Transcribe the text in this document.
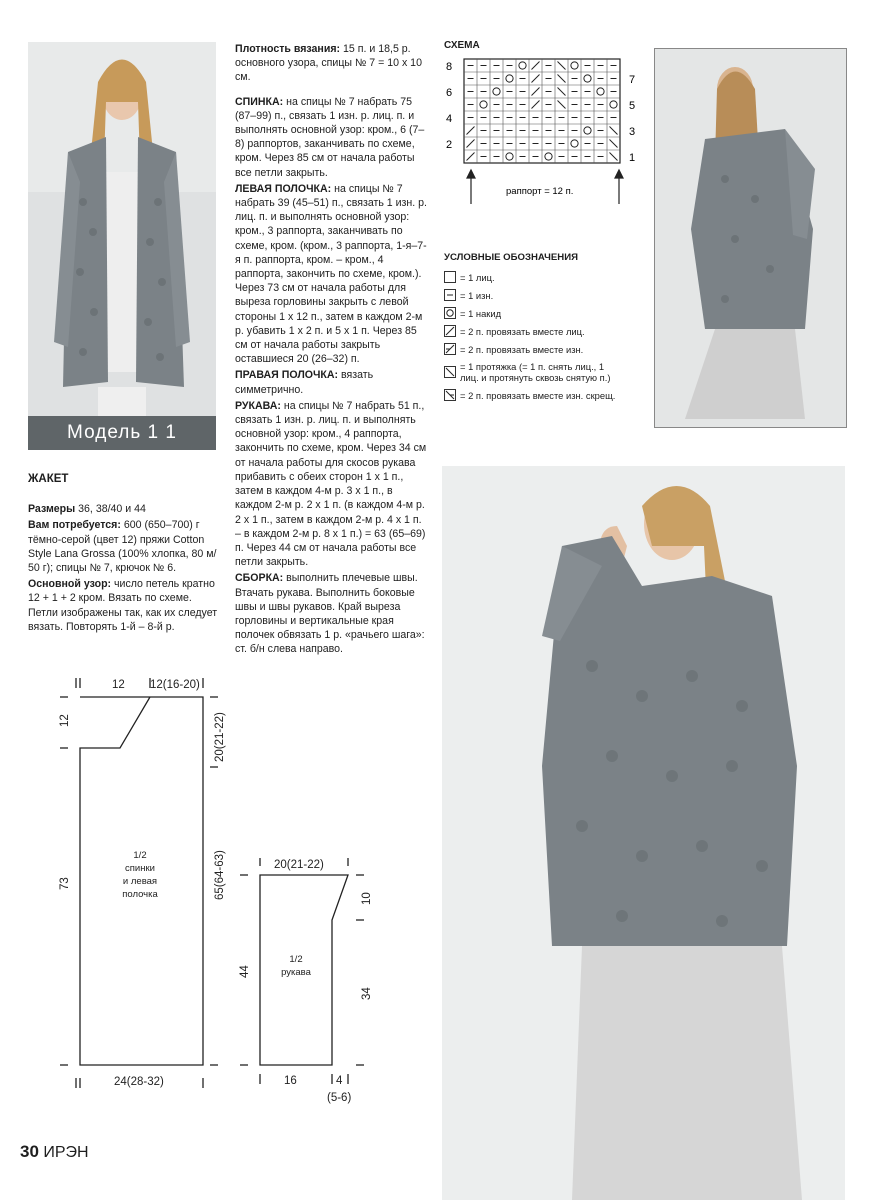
Модель 1 1

ЖАКЕТ

Размеры 36, 38/40 и 44

Вам потребуется: 600 (650–700) г тёмно-серой (цвет 12) пряжи Cotton Style Lana Grossa (100% хлопка, 80 м/ 50 г); спицы № 7, крючок № 6.

Основной узор: число петель кратно 12 + 1 + 2 кром. Вязать по схеме. Петли изображены так, как их следует вязать. Повторять 1-й – 8-й р.

Плотность вязания: 15 п. и 18,5 р. основного узора, спицы № 7 = 10 х 10 см.

СПИНКА: на спицы № 7 набрать 75 (87–99) п., связать 1 изн. р. лиц. п. и выполнять основной узор: кром., 6 (7–8) раппортов, заканчивать по схеме, кром. Через 85 см от начала работы все петли закрыть.

ЛЕВАЯ ПОЛОЧКА: на спицы № 7 набрать 39 (45–51) п., связать 1 изн. р. лиц. п. и выполнять основной узор: кром., 3 раппорта, заканчивать по схеме, кром. (кром., 3 раппорта, 1-я–7-я п. раппорта, кром. – кром., 4 раппорта, закончить по схеме, кром.). Через 73 см от начала работы для выреза горловины закрыть с левой стороны 1 х 12 п., затем в каждом 2-м р. убавить 1 х 2 п. и 5 х 1 п. Через 85 см от начала работы закрыть оставшиеся 20 (26–32) п.

ПРАВАЯ ПОЛОЧКА: вязать симметрично.

РУКАВА: на спицы № 7 набрать 51 п., связать 1 изн. р. лиц. п. и выполнять основной узор: кром., 4 раппорта, закончить по схеме, кром. Через 34 см от начала работы для скосов рукава прибавить с обеих сторон 1 х 1 п., затем в каждом 4-м р. 3 х 1 п., в каждом 2-м р. 2 х 1 п. (в каждом 4-м р. 2 х 1 п., затем в каждом 2-м р. 4 х 1 п. – в каждом 2-м р. 8 х 1 п.) = 63 (65–69) п. Через 44 см от начала работы все петли закрыть.

СБОРКА: выполнить плечевые швы. Втачать рукава. Выполнить боковые швы и швы рукавов. Край выреза горловины и вертикальные края полочек обвязать 1 р. «рачьего шага»: ст. б/н слева направо.

СХЕМА
8
6
4
2
7
5
3
1
раппорт = 12 п.
УСЛОВНЫЕ ОБОЗНАЧЕНИЯ
= 1 лиц.
= 1 изн.
= 1 накид
= 2 п. провязать вместе лиц.
= 2 п. провязать вместе изн.
= 1 протяжка (= 1 п. снять лиц., 1 лиц. и протянуть сквозь снятую п.)
= 2 п. провязать вместе изн. скрещ.
12 12(16-20)
12
73
20(21-22)
65(64-63)
24(28-32)
1/2
спинки
и левая
полочка
20(21-22)
44
10
34
16	4
(5-6)
1/2
рукава
30 ИРЭН
